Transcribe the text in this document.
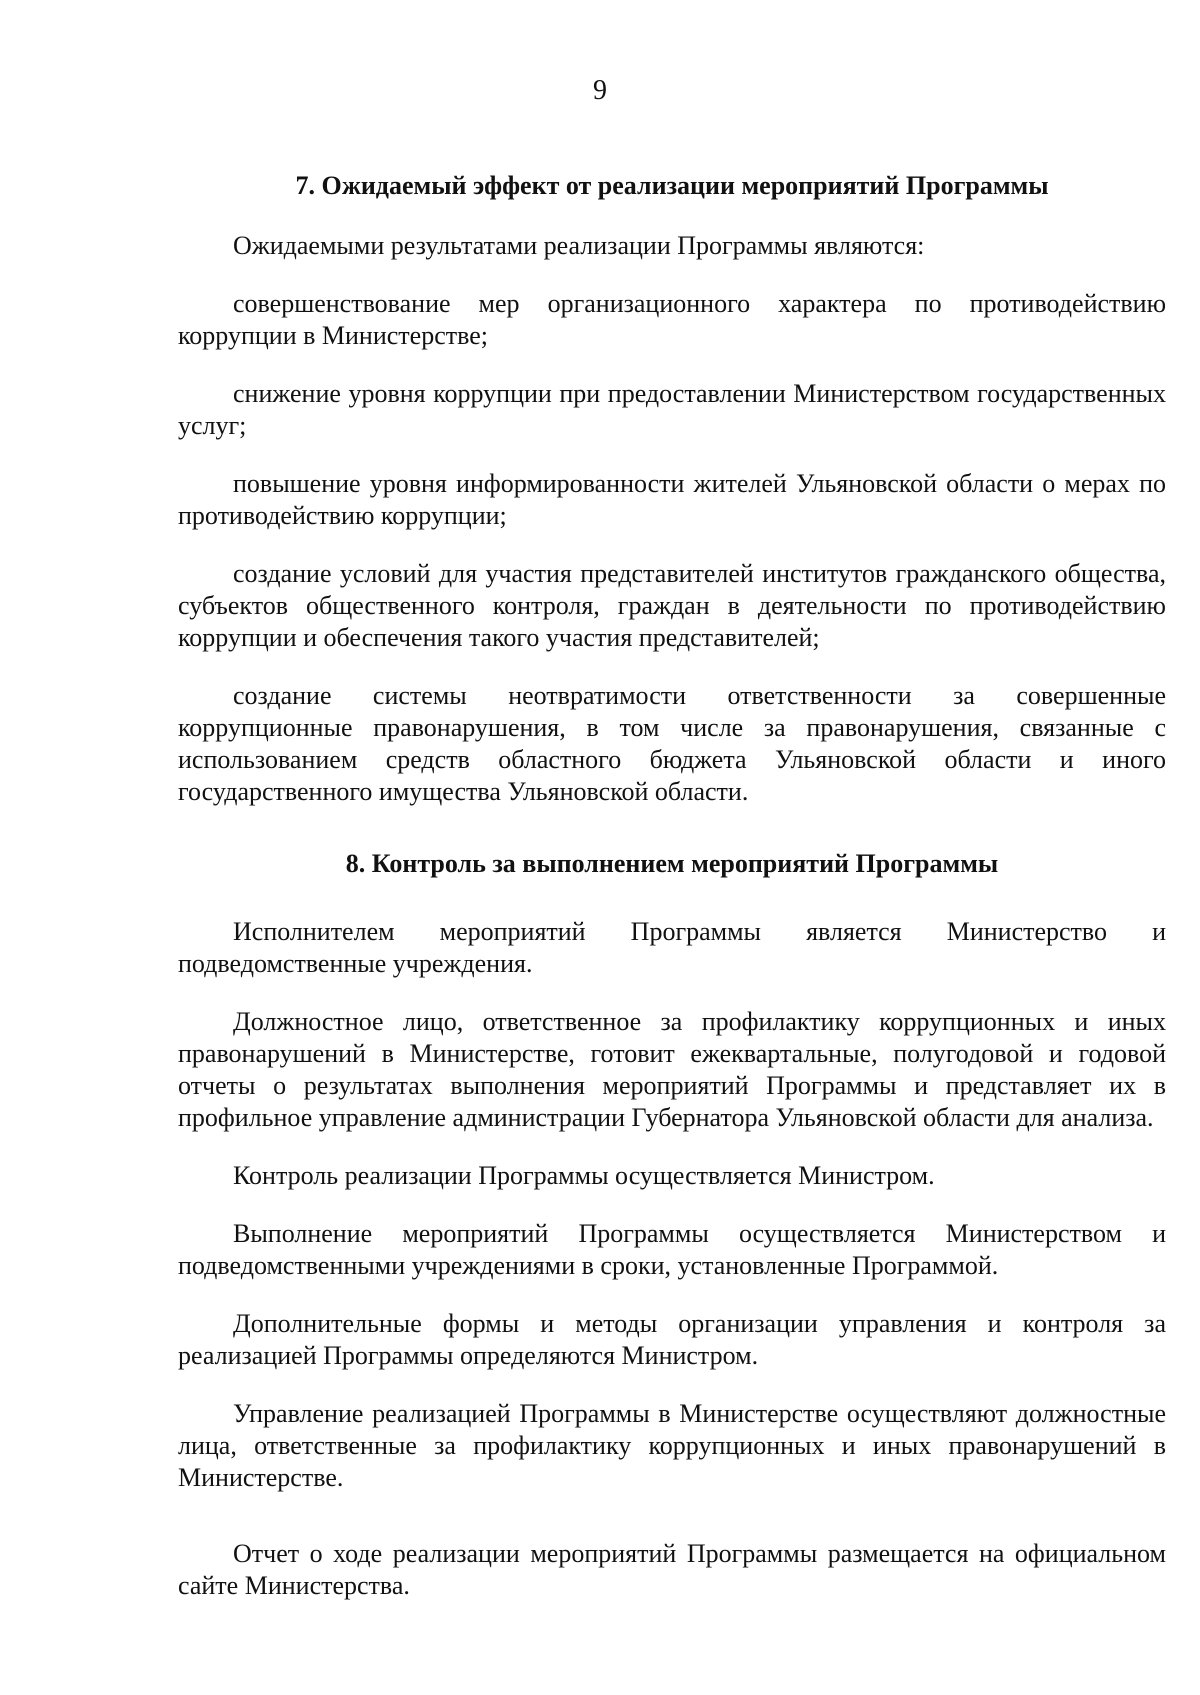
9
7. Ожидаемый эффект от реализации мероприятий Программы

Ожидаемыми результатами реализации Программы являются:

совершенствование мер организационного характера по противодействию коррупции в Министерстве;

снижение уровня коррупции при предоставлении Министерством государственных услуг;

повышение уровня информированности жителей Ульяновской области о мерах по противодействию коррупции;

создание условий для участия представителей институтов гражданского общества, субъектов общественного контроля, граждан в деятельности по противодействию коррупции и обеспечения такого участия представителей;

создание системы неотвратимости ответственности за совершенные коррупционные правонарушения, в том числе за правонарушения, связанные с использованием средств областного бюджета Ульяновской области и иного государственного имущества Ульяновской области.

8. Контроль за выполнением мероприятий Программы

Исполнителем мероприятий Программы является Министерство и подведомственные учреждения.

Должностное лицо, ответственное за профилактику коррупционных и иных правонарушений в Министерстве, готовит ежеквартальные, полугодовой и годовой отчеты о результатах выполнения мероприятий Программы и представляет их в профильное управление администрации Губернатора Ульяновской области для анализа.

Контроль реализации Программы осуществляется Министром.

Выполнение мероприятий Программы осуществляется Министерством и подведомственными учреждениями в сроки, установленные Программой.

Дополнительные формы и методы организации управления и контроля за реализацией Программы определяются Министром.

Управление реализацией Программы в Министерстве осуществляют должностные лица, ответственные за профилактику коррупционных и иных правонарушений в Министерстве.

Отчет о ходе реализации мероприятий Программы размещается на официальном сайте Министерства.
